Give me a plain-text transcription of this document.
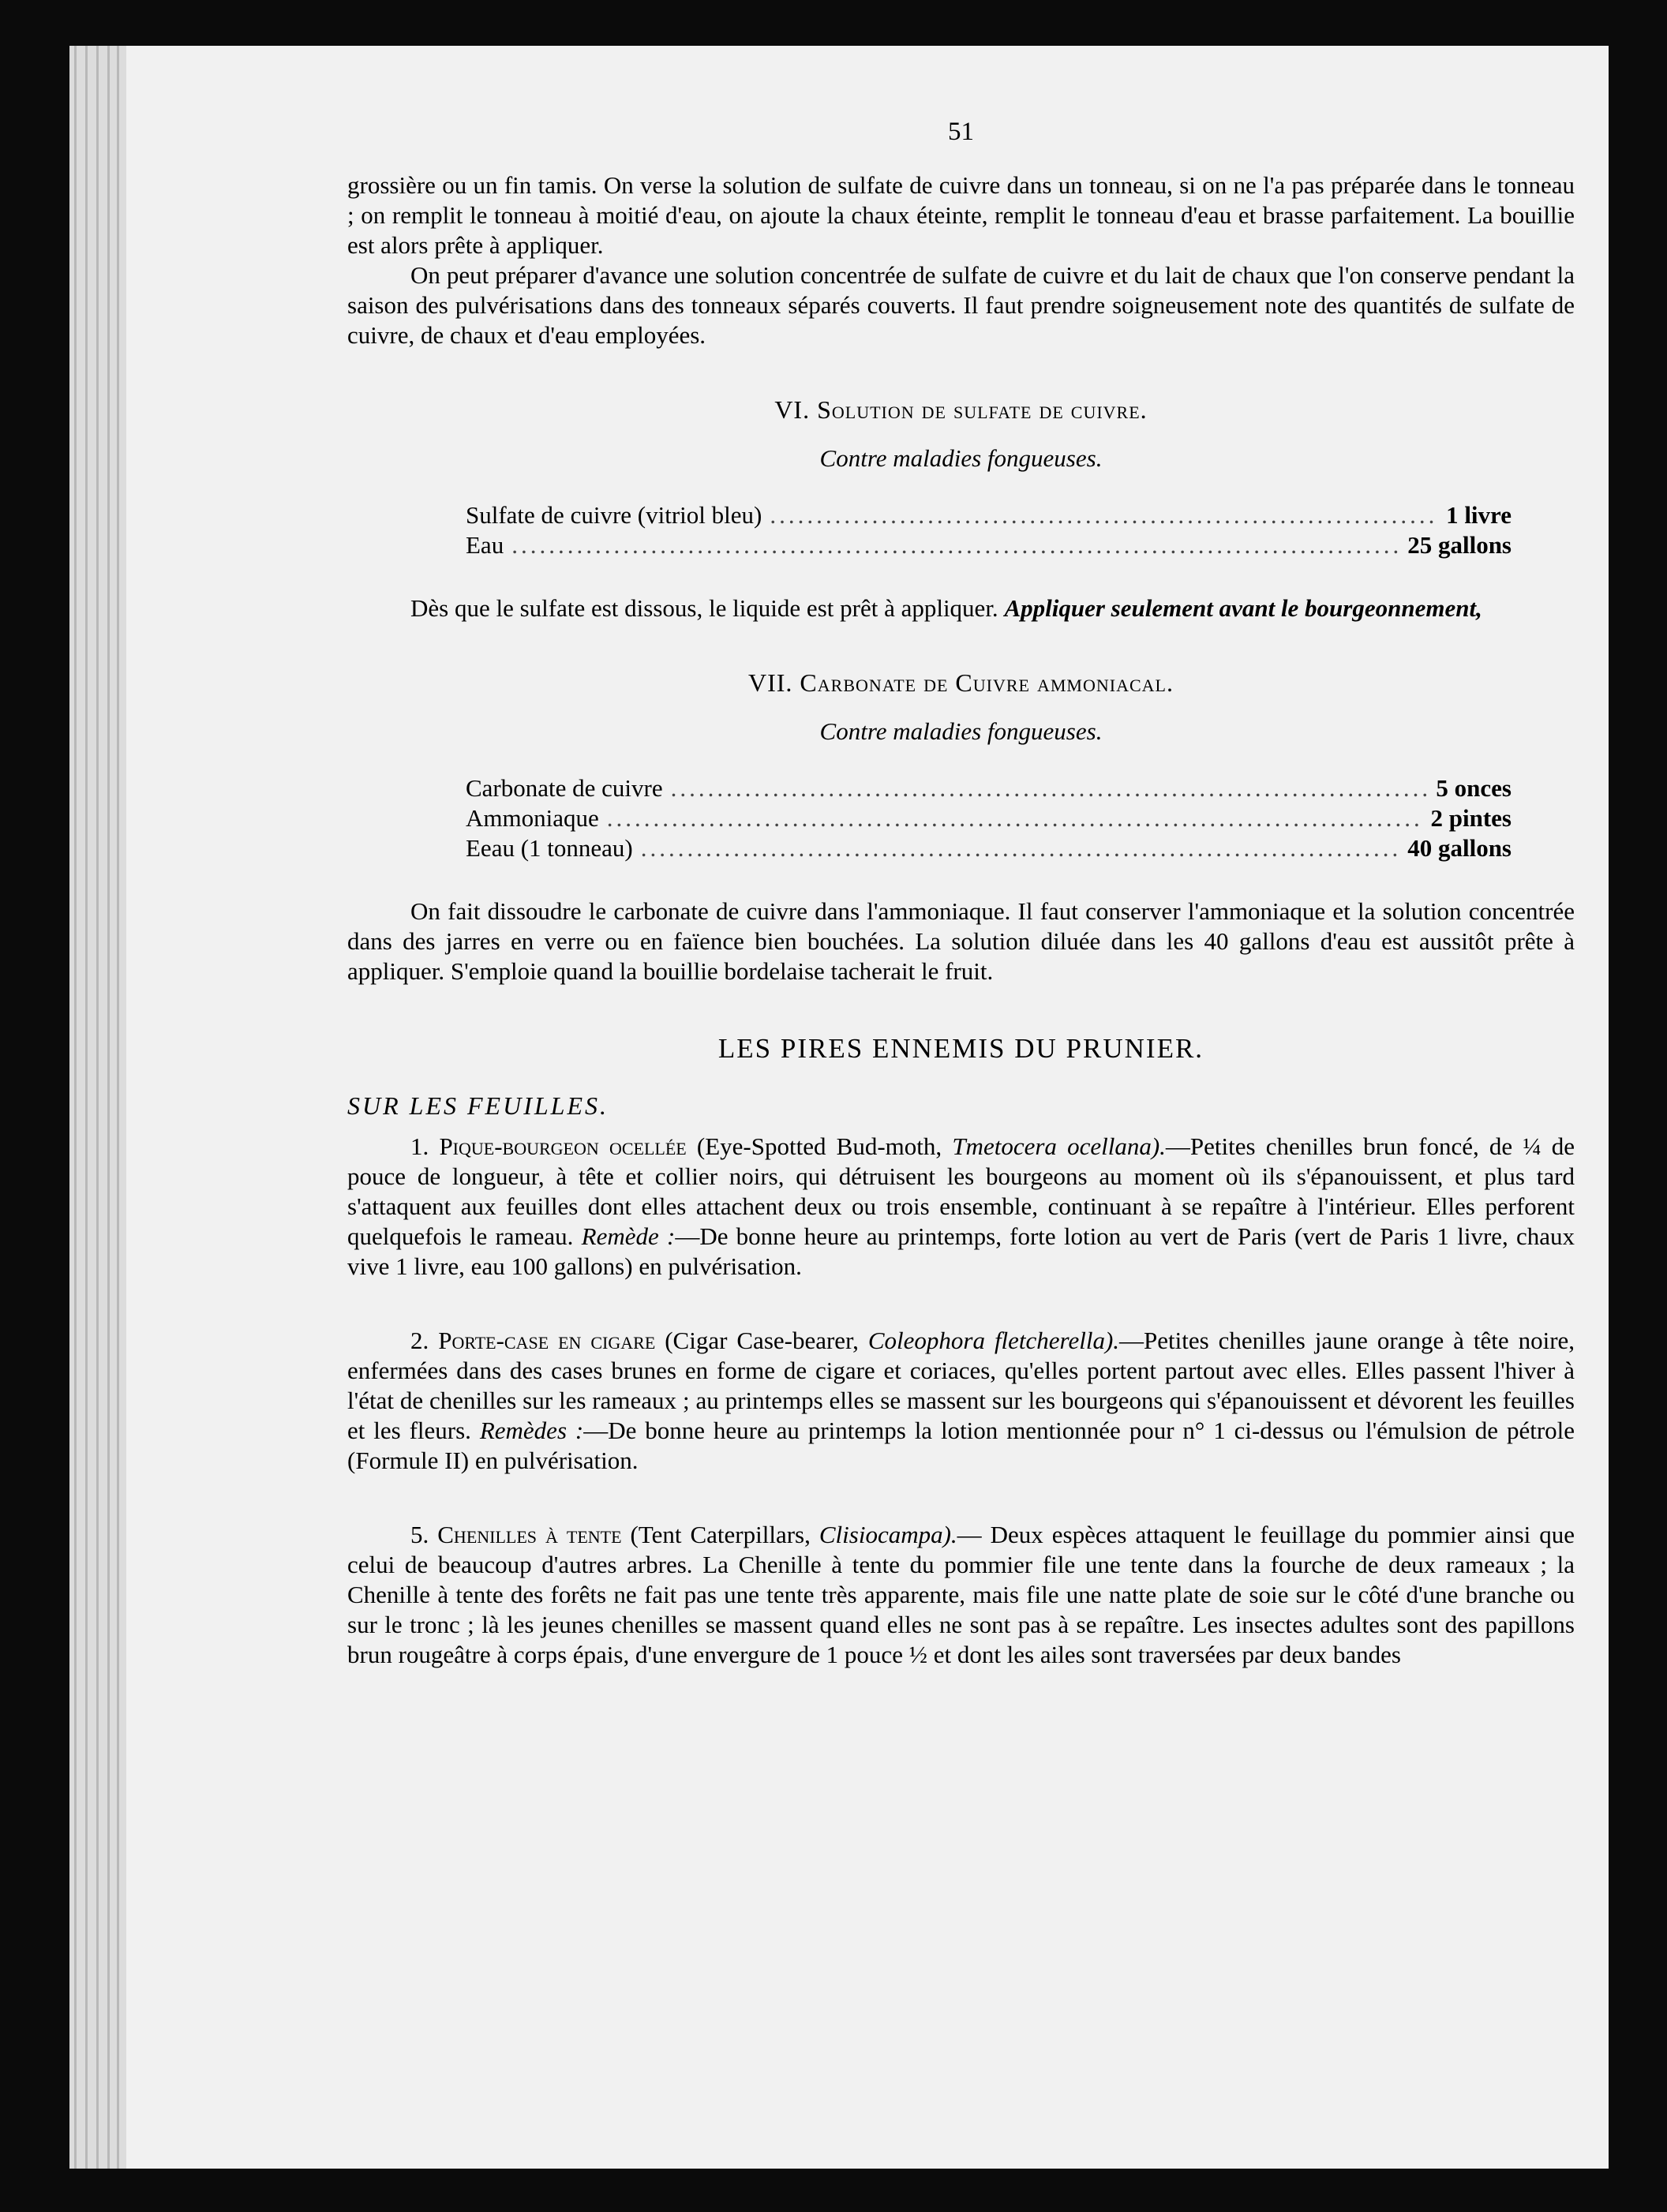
51

grossière ou un fin tamis. On verse la solution de sulfate de cuivre dans un tonneau, si on ne l'a pas préparée dans le tonneau ; on remplit le tonneau à moitié d'eau, on ajoute la chaux éteinte, remplit le tonneau d'eau et brasse parfaitement. La bouillie est alors prête à appliquer.

On peut préparer d'avance une solution concentrée de sulfate de cuivre et du lait de chaux que l'on conserve pendant la saison des pulvérisations dans des tonneaux séparés couverts. Il faut prendre soigneusement note des quantités de sulfate de cuivre, de chaux et d'eau employées.

VI. Solution de sulfate de cuivre.
Contre maladies fongueuses.
Sulfate de cuivre (vitriol bleu) .....	1 livre
Eau .....	25 gallons

Dès que le sulfate est dissous, le liquide est prêt à appliquer. Appliquer seulement avant le bourgeonnement,

VII. Carbonate de Cuivre ammoniacal.
Contre maladies fongueuses.
Carbonate de cuivre .....	5 onces
Ammoniaque .....	2 pintes
Eeau (1 tonneau) .....	40 gallons

On fait dissoudre le carbonate de cuivre dans l'ammoniaque. Il faut conserver l'ammoniaque et la solution concentrée dans des jarres en verre ou en faïence bien bouchées. La solution diluée dans les 40 gallons d'eau est aussitôt prête à appliquer. S'emploie quand la bouillie bordelaise tacherait le fruit.

LES PIRES ENNEMIS DU PRUNIER.
SUR LES FEUILLES.

1. Pique-bourgeon ocellée (Eye-Spotted Bud-moth, Tmetocera ocellana).—Petites chenilles brun foncé, de ¼ de pouce de longueur, à tête et collier noirs, qui détruisent les bourgeons au moment où ils s'épanouissent, et plus tard s'attaquent aux feuilles dont elles attachent deux ou trois ensemble, continuant à se repaître à l'intérieur. Elles perforent quelquefois le rameau. Remède :—De bonne heure au printemps, forte lotion au vert de Paris (vert de Paris 1 livre, chaux vive 1 livre, eau 100 gallons) en pulvérisation.

2. Porte-case en cigare (Cigar Case-bearer, Coleophora fletcherella).—Petites chenilles jaune orange à tête noire, enfermées dans des cases brunes en forme de cigare et coriaces, qu'elles portent partout avec elles. Elles passent l'hiver à l'état de chenilles sur les rameaux ; au printemps elles se massent sur les bourgeons qui s'épanouissent et dévorent les feuilles et les fleurs. Remèdes :—De bonne heure au printemps la lotion mentionnée pour n° 1 ci-dessus ou l'émulsion de pétrole (Formule II) en pulvérisation.

5. Chenilles à tente (Tent Caterpillars, Clisiocampa).— Deux espèces attaquent le feuillage du pommier ainsi que celui de beaucoup d'autres arbres. La Chenille à tente du pommier file une tente dans la fourche de deux rameaux ; la Chenille à tente des forêts ne fait pas une tente très apparente, mais file une natte plate de soie sur le côté d'une branche ou sur le tronc ; là les jeunes chenilles se massent quand elles ne sont pas à se repaître. Les insectes adultes sont des papillons brun rougeâtre à corps épais, d'une envergure de 1 pouce ½ et dont les ailes sont traversées par deux bandes
